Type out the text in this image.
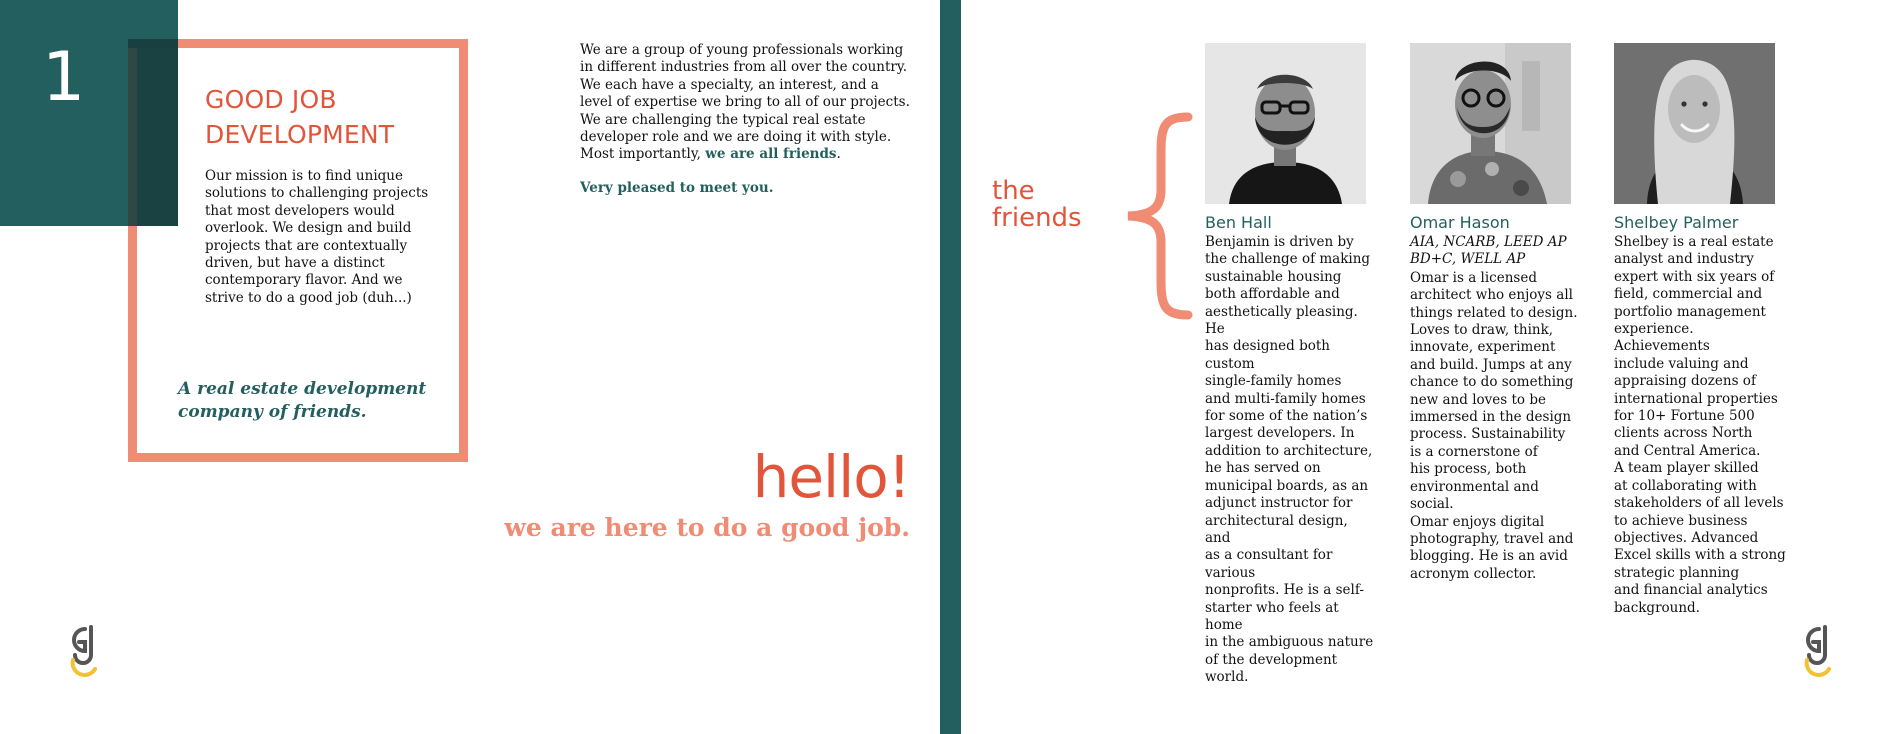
1	GOOD JOB
DEVELOPMENT
Our mission is to find unique solutions to challenging projects that most developers would overlook. We design and build projects that are contextually driven, but have a distinct contemporary flavor. And we strive to do a good job (duh...)
A real estate development company of friends.
We are a group of young professionals working in different industries from all over the country. We each have a specialty, an interest, and a level of expertise we bring to all of our projects. We are challenging the typical real estate developer role and we are doing it with style. Most importantly, we are all friends.
Very pleased to meet you.
hello!
we are here to do a good job.
the
friends	Ben Hall
Benjamin is driven by
the challenge of making
sustainable housing
both affordable and
aesthetically pleasing. He
has designed both custom
single-family homes
and multi-family homes
for some of the nation’s
largest developers. In
addition to architecture,
he has served on
municipal boards, as an
adjunct instructor for
architectural design, and
as a consultant for various
nonprofits. He is a self-
starter who feels at home
in the ambiguous nature
of the development world.
Omar Hason
AIA, NCARB, LEED AP
BD+C, WELL AP
Omar is a licensed
architect who enjoys all
things related to design.
Loves to draw, think,
innovate, experiment
and build. Jumps at any
chance to do something
new and loves to be
immersed in the design
process. Sustainability
is a cornerstone of
his process, both
environmental and social.
Omar enjoys digital
photography, travel and
blogging. He is an avid
acronym collector.
Shelbey Palmer
Shelbey is a real estate
analyst and industry
expert with six years of
field, commercial and
portfolio management
experience. Achievements
include valuing and
appraising dozens of
international properties
for 10+ Fortune 500
clients across North
and Central America.
A team player skilled
at collaborating with
stakeholders of all levels
to achieve business
objectives. Advanced
Excel skills with a strong
strategic planning
and financial analytics
background.
